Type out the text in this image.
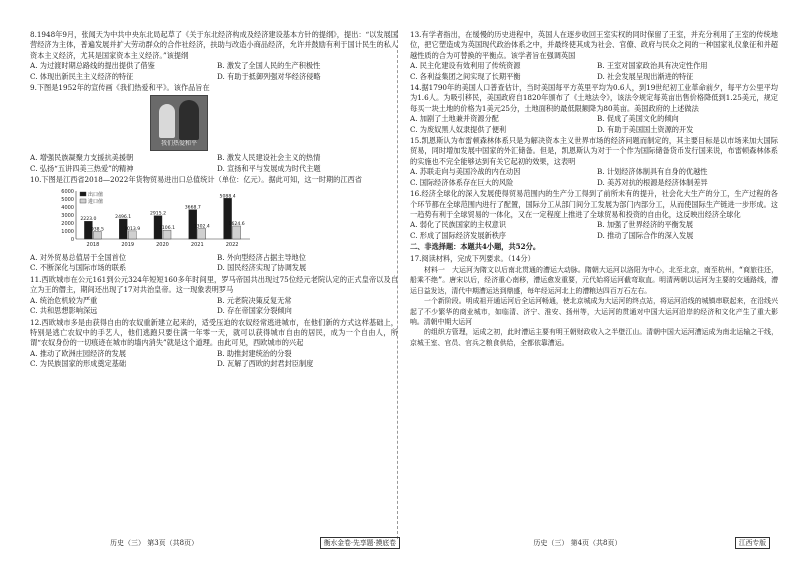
8.1948年9月，张闻天为中共中央东北局起草了《关于东北经济构成及经济建设基本方针的提纲》，提出：“以发展国营经济为主体，普遍发展并扩大劳动群众的合作社经济，扶助与改造小商品经济，允许并鼓励有利于国计民生的私人资本主义经济，尤其是国家资本主义经济。”该提纲

A. 为过渡时期总路线的提出提供了借鉴	B. 激发了全国人民的生产积极性
C. 体现出新民主主义经济的特征	D. 有助于抵御列强对华经济侵略

9.下图是1952年的宣传画《我们热爱和平》。该作品旨在

我们热爱和平
A. 增强民族凝聚力支援抗美援朝	B. 激发人民建设社会主义的热情
C. 弘扬“五讲四美三热爱”的精神	D. 宣扬和平与发展成为时代主题

10.下图是江西省2018—2022年货物贸易进出口总值统计（单位：亿元）。据此可知，这一时期的江西省

0
1000
2000
3000
4000
5000
6000
2223.0
938.5
2018
2496.1
1013.9
2019
2915.2
1106.1
2020
3668.7
1302.4
2021
5088.4
1624.6
2022
出口值
进口值
A. 对外贸易总值居于全国首位	B. 外向型经济占据主导地位
C. 不断深化与国际市场的联系	D. 国民经济实现了协调发展

11.西欧城市在公元161到公元324年短短160多年时间里，罗马帝国共出现过75位经元老院认定的正式皇帝以及自立为王的僭主，期间还出现了17对共治皇帝。这一现象表明罗马

A. 统治危机较为严重	B. 元老院决策反复无常
C. 共和思想影响深远	D. 存在帝国家分裂倾向

12.西欧城市多是由获得自由的农奴重新建立起来的，适受压迫的农奴经常逃进城市，在他们新的方式这样基础上，特别是逃亡农奴中的手艺人，他们逃跑只要住满一年零一天，就可以获得城市自由的居民，成为一个自由人，所谓“农奴身份的一切痕迹在城市的墙内消失”就是这个道理。由此可见，西欧城市的兴起

A. 推动了欧洲庄园经济的发展	B. 助推封建统治的分裂
C. 为民族国家的形成奠定基础	D. 瓦解了西欧的封君封臣制度

13.有学者指出，在缓慢的历史进程中，英国人在逐步收回王室实权的同时保留了王室，并充分利用了王室的传统地位，把它塑造成为英国现代政治体系之中，并最终使其成为社会、官僚、政府与民众之间的一种国家礼仪象征和并超越性质的合为可替换的平衡点。该学者旨在强调英国

A. 民主化建设有效利用了传统资源	B. 王室对国家政治具有决定性作用
C. 各利益集团之间实现了长期平衡	D. 社会发展呈现出渐进的特征

14.据1790年的美国人口普查估计，当时美国每平方英里平均为0.6人，到19世纪初工业革命前夕，每平方公里平均为1.6人。为吸引移民，美国政府自1820年颁布了《土地法令》，该法令规定每英亩出售价格降低到1.25美元，规定每买一块土地的价格为1美元25分，土地面积的最低限额降为80英亩。美国政府的上述做法

A. 加剧了土地兼并资源分配	B. 促成了美国文化的倾向
C. 为废奴黑人奴隶提供了便利	D. 有助于美国国土资源的开发

15.凯恩斯认为布雷顿森林体系只是为解决资本主义世界市场的经济问题而制定的，其主要目标是以市场来加大国际贸易，同时增加发展中国家的外汇储备。但是，凯恩斯认为对于一个作为国际储备货币发行国来说，布雷顿森林体系的实施也不完全能够达到有关它起初的效果，这表明

A. 苏联走向与美国冷战的内在动因	B. 计划经济体制具有自身的优越性
C. 国际经济体系存在巨大的风险	D. 美苏对抗的根源是经济体制差异

16.经济全球化的深入发展使得贸易范围内的生产分工得到了前所未有的提升，社会化大生产的分工，生产过程的各个环节都在全球范围内进行了配置，国际分工从部门间分工发展为部门内部分工，从而使国际生产链进一步形成。这一趋势有利于全球贸易的一体化，又在一定程度上推进了全球贸易和投资的自由化，这反映出经济全球化

A. 弱化了民族国家的主权意识	B. 加强了世界经济的平衡发展
C. 形成了国际经济发展新秩序	D. 推动了国际合作的深入发展
二、非选择题：本题共4小题，共52分。
17.阅读材料，完成下列要求。（14分）

材料一　大运河为隋文以后南北贯通的漕运大动脉。隋朝大运河以洛阳为中心，北至北京，南至杭州，“商旅往还，船乘不绝”。唐宋以后，经济重心南移，漕运愈发重要，元代始将运河截弯取直。明清两朝以运河为主要的交通路线，漕运日益发达，清代中期漕运达到鼎盛，每年经运河北上的漕粮达四百万石左右。

一个新阶段。明成祖开通运河后全运河畅通，使北京城成为大运河的终点站，将运河沿线的城镇串联起来，在沿线兴起了不少繁华的商业城市，如临清、济宁、淮安、扬州等，大运河的贯通对中国大运河沿岸的经济和文化产生了重大影响。清朝中期大运河

的组织方管理，运成之初，此时漕运主要有明王朝财政收入之半壁江山。清朝中国大运河漕运成为南北运输之干线，京城王室、官员、官兵之粮食供给，全都依靠漕运。

历史（三） 第3页（共8页）	衡水金卷·先享题·摸底卷	历史（三） 第4页（共8页）	江西专版
